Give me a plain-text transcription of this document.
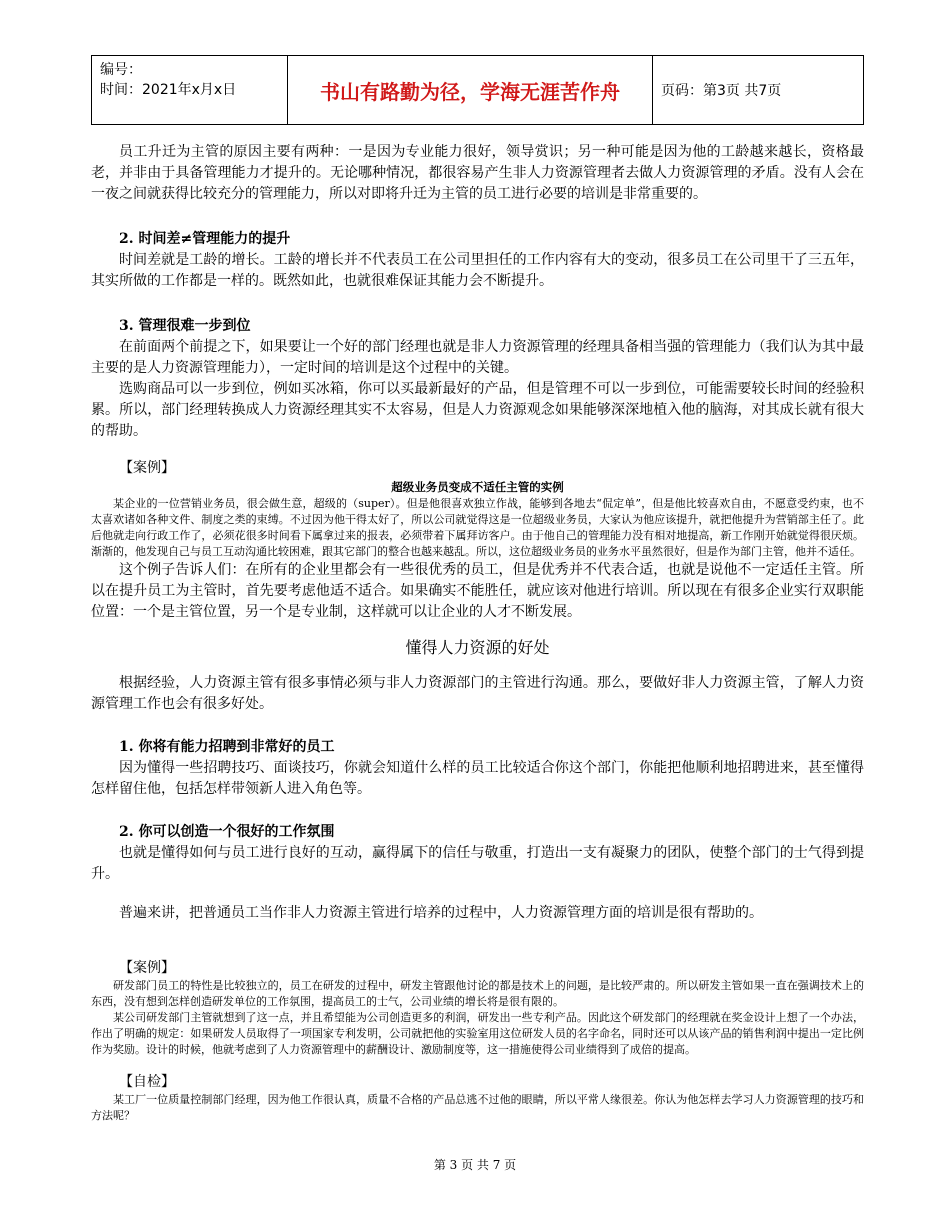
编号：
时间：2021年x月x日	书山有路勤为径，学海无涯苦作舟	页码：第3页 共7页

员工升迁为主管的原因主要有两种：一是因为专业能力很好，领导赏识；另一种可能是因为他的工龄越来越长，资格最老，并非由于具备管理能力才提升的。无论哪种情况，都很容易产生非人力资源管理者去做人力资源管理的矛盾。没有人会在一夜之间就获得比较充分的管理能力，所以对即将升迁为主管的员工进行必要的培训是非常重要的。

2. 时间差≠管理能力的提升

时间差就是工龄的增长。工龄的增长并不代表员工在公司里担任的工作内容有大的变动，很多员工在公司里干了三五年，其实所做的工作都是一样的。既然如此，也就很难保证其能力会不断提升。

3. 管理很难一步到位

在前面两个前提之下，如果要让一个好的部门经理也就是非人力资源管理的经理具备相当强的管理能力（我们认为其中最主要的是人力资源管理能力），一定时间的培训是这个过程中的关键。

选购商品可以一步到位，例如买冰箱，你可以买最新最好的产品，但是管理不可以一步到位，可能需要较长时间的经验积累。所以，部门经理转换成人力资源经理其实不太容易，但是人力资源观念如果能够深深地植入他的脑海，对其成长就有很大的帮助。

【案例】

超级业务员变成不适任主管的实例

某企业的一位营销业务员，很会做生意，超级的（super）。但是他很喜欢独立作战，能够到各地去“侃定单”，但是他比较喜欢自由，不愿意受约束，也不太喜欢诸如各种文件、制度之类的束缚。不过因为他干得太好了，所以公司就觉得这是一位超级业务员，大家认为他应该提升，就把他提升为营销部主任了。此后他就走向行政工作了，必须花很多时间看下属拿过来的报表，必须带着下属拜访客户。由于他自己的管理能力没有相对地提高，新工作刚开始就觉得很厌烦。渐渐的，他发现自己与员工互动沟通比较困难，跟其它部门的整合也越来越乱。所以，这位超级业务员的业务水平虽然很好，但是作为部门主管，他并不适任。

这个例子告诉人们：在所有的企业里都会有一些很优秀的员工，但是优秀并不代表合适，也就是说他不一定适任主管。所以在提升员工为主管时，首先要考虑他适不适合。如果确实不能胜任，就应该对他进行培训。所以现在有很多企业实行双职能位置：一个是主管位置，另一个是专业制，这样就可以让企业的人才不断发展。

懂得人力资源的好处

根据经验，人力资源主管有很多事情必须与非人力资源部门的主管进行沟通。那么，要做好非人力资源主管，了解人力资源管理工作也会有很多好处。

1. 你将有能力招聘到非常好的员工

因为懂得一些招聘技巧、面谈技巧，你就会知道什么样的员工比较适合你这个部门，你能把他顺利地招聘进来，甚至懂得怎样留住他，包括怎样带领新人进入角色等。

2. 你可以创造一个很好的工作氛围

也就是懂得如何与员工进行良好的互动，赢得属下的信任与敬重，打造出一支有凝聚力的团队，使整个部门的士气得到提升。

普遍来讲，把普通员工当作非人力资源主管进行培养的过程中，人力资源管理方面的培训是很有帮助的。

【案例】

研发部门员工的特性是比较独立的，员工在研发的过程中，研发主管跟他讨论的都是技术上的问题，是比较严肃的。所以研发主管如果一直在强调技术上的东西，没有想到怎样创造研发单位的工作氛围，提高员工的士气，公司业绩的增长将是很有限的。

某公司研发部门主管就想到了这一点，并且希望能为公司创造更多的利润，研发出一些专利产品。因此这个研发部门的经理就在奖金设计上想了一个办法，作出了明确的规定：如果研发人员取得了一项国家专利发明，公司就把他的实验室用这位研发人员的名字命名，同时还可以从该产品的销售利润中提出一定比例作为奖励。设计的时候，他就考虑到了人力资源管理中的薪酬设计、激励制度等，这一措施使得公司业绩得到了成倍的提高。

【自检】

某工厂一位质量控制部门经理，因为他工作很认真，质量不合格的产品总逃不过他的眼睛，所以平常人缘很差。你认为他怎样去学习人力资源管理的技巧和方法呢？

第 3 页 共 7 页
